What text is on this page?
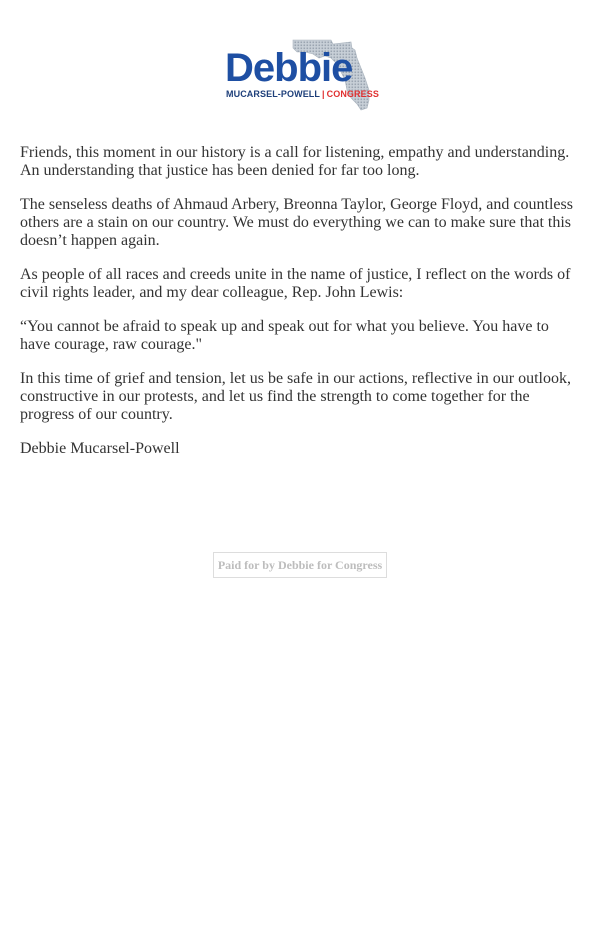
Debbie
MUCARSEL-POWELL | CONGRESS

Friends, this moment in our history is a call for listening, empathy and understanding. An understanding that justice has been denied for far too long.

The senseless deaths of Ahmaud Arbery, Breonna Taylor, George Floyd, and countless others are a stain on our country. We must do everything we can to make sure that this doesn’t happen again.

As people of all races and creeds unite in the name of justice, I reflect on the words of civil rights leader, and my dear colleague, Rep. John Lewis:

“You cannot be afraid to speak up and speak out for what you believe. You have to have courage, raw courage."

In this time of grief and tension, let us be safe in our actions, reflective in our outlook, constructive in our protests, and let us find the strength to come together for the progress of our country.

Debbie Mucarsel-Powell

Paid for by Debbie for Congress
